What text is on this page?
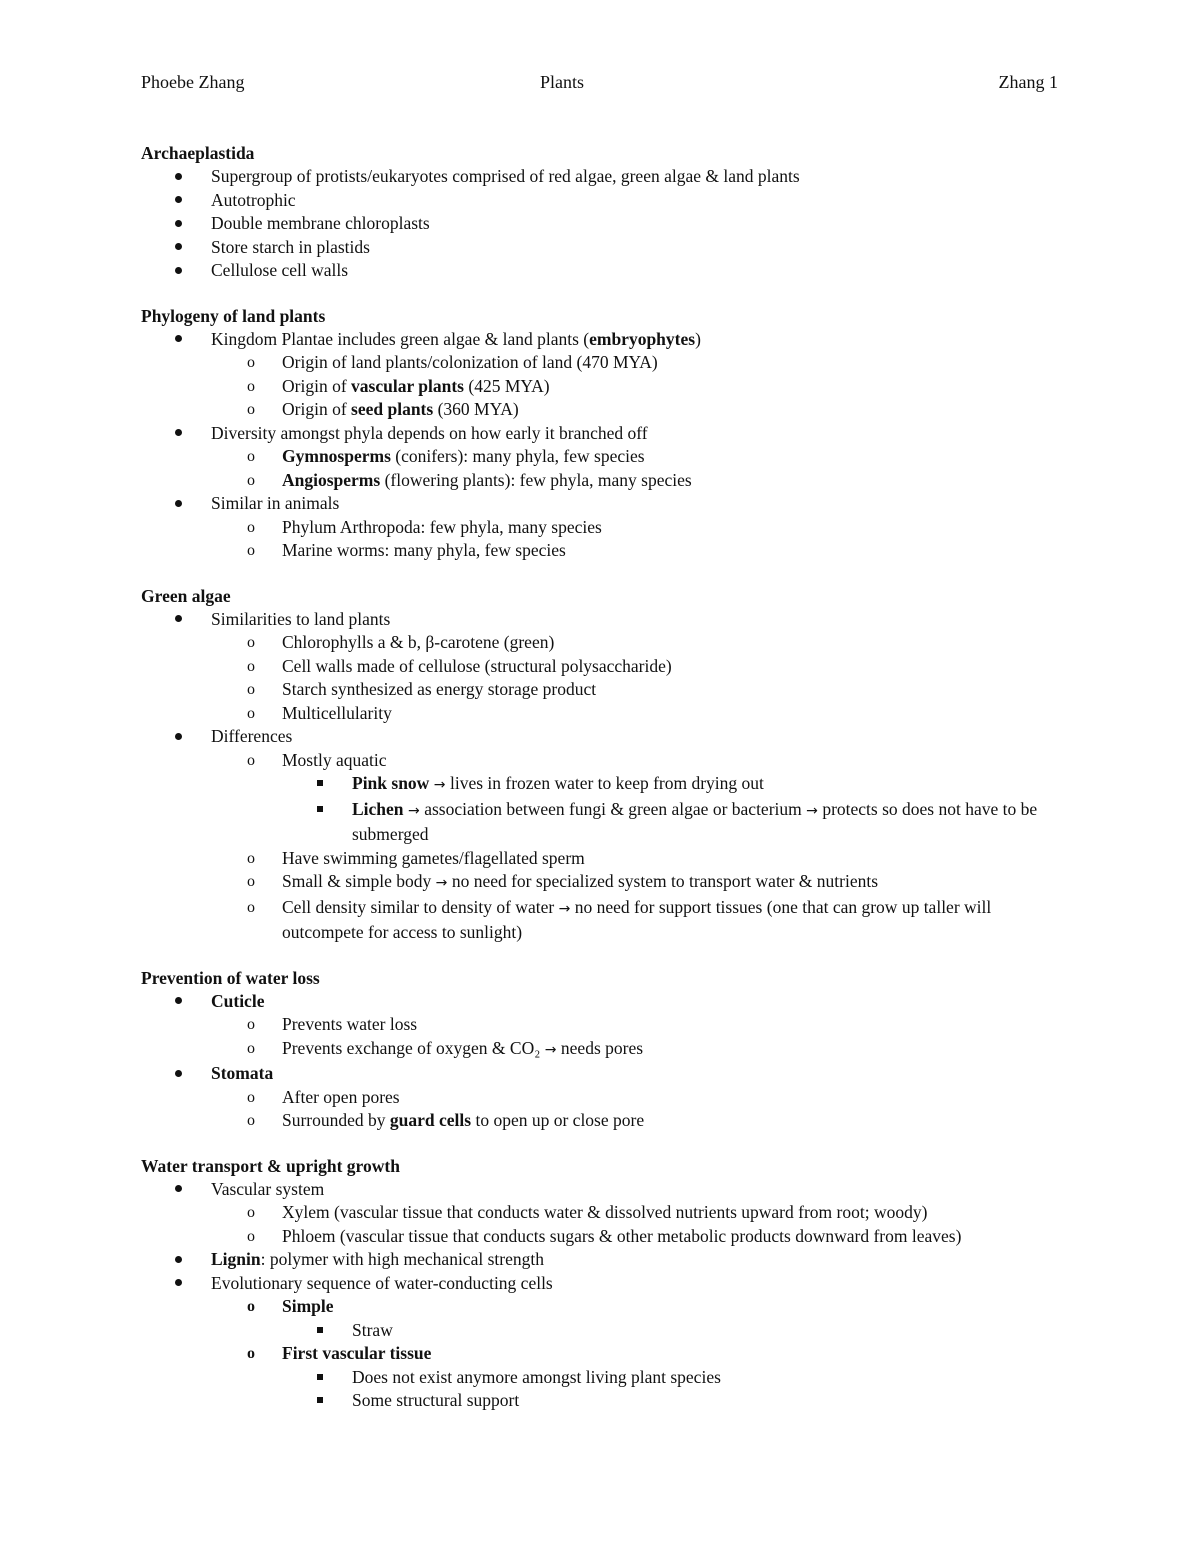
Phoebe Zhang	Plants	Zhang 1
Archaeplastida
Supergroup of protists/eukaryotes comprised of red algae, green algae & land plants
Autotrophic
Double membrane chloroplasts
Store starch in plastids
Cellulose cell walls
Phylogeny of land plants
Kingdom Plantae includes green algae & land plants (embryophytes)
o Origin of land plants/colonization of land (470 MYA)
o Origin of vascular plants (425 MYA)
o Origin of seed plants (360 MYA)
Diversity amongst phyla depends on how early it branched off
o Gymnosperms (conifers): many phyla, few species
o Angiosperms (flowering plants): few phyla, many species
Similar in animals
o Phylum Arthropoda: few phyla, many species
o Marine worms: many phyla, few species
Green algae
Similarities to land plants
o Chlorophylls a & b, β-carotene (green)
o Cell walls made of cellulose (structural polysaccharide)
o Starch synthesized as energy storage product
o Multicellularity
Differences
o Mostly aquatic
Pink snow → lives in frozen water to keep from drying out
Lichen → association between fungi & green algae or bacterium → protects so does not have to be submerged
o Have swimming gametes/flagellated sperm
o Small & simple body → no need for specialized system to transport water & nutrients
o Cell density similar to density of water → no need for support tissues (one that can grow up taller will outcompete for access to sunlight)
Prevention of water loss
Cuticle
o Prevents water loss
o Prevents exchange of oxygen & CO₂ → needs pores
Stomata
o After open pores
o Surrounded by guard cells to open up or close pore
Water transport & upright growth
Vascular system
o Xylem (vascular tissue that conducts water & dissolved nutrients upward from root; woody)
o Phloem (vascular tissue that conducts sugars & other metabolic products downward from leaves)
Lignin: polymer with high mechanical strength
Evolutionary sequence of water-conducting cells
o Simple
Straw
o First vascular tissue
Does not exist anymore amongst living plant species
Some structural support
